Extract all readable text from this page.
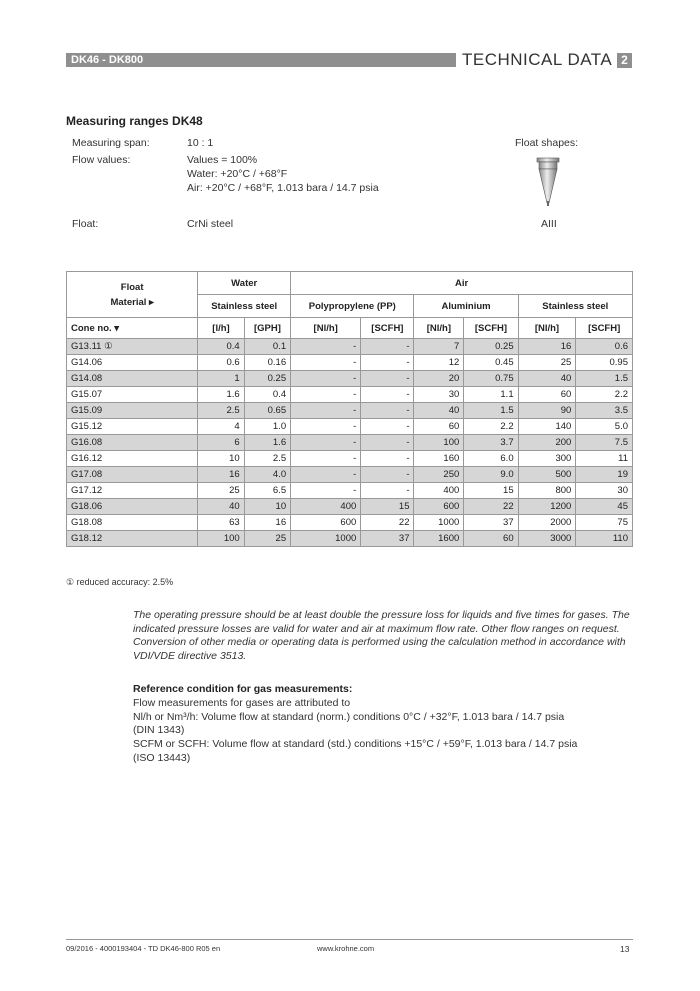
DK46 - DK800	TECHNICAL DATA 2
Measuring ranges DK48
Measuring span:	10 : 1
Flow values:	Values = 100%
Water: +20°C / +68°F
Air: +20°C / +68°F, 1.013 bara / 14.7 psia
Float:	CrNi steel
Float shapes:
AIII
Float
Material ▸	Water		Air					
	Stainless steel		Polypropylene (PP)		Aluminium		Stainless steel	
Cone no. ▾	[l/h]	[GPH]	[Nl/h]	[SCFH]	[Nl/h]	[SCFH]	[Nl/h]	[SCFH]
G13.11 ①	0.4	0.1	-	-	7	0.25	16	0.6
G14.06	0.6	0.16	-	-	12	0.45	25	0.95
G14.08	1	0.25	-	-	20	0.75	40	1.5
G15.07	1.6	0.4	-	-	30	1.1	60	2.2
G15.09	2.5	0.65	-	-	40	1.5	90	3.5
G15.12	4	1.0	-	-	60	2.2	140	5.0
G16.08	6	1.6	-	-	100	3.7	200	7.5
G16.12	10	2.5	-	-	160	6.0	300	11
G17.08	16	4.0	-	-	250	9.0	500	19
G17.12	25	6.5	-	-	400	15	800	30
G18.06	40	10	400	15	600	22	1200	45
G18.08	63	16	600	22	1000	37	2000	75
G18.12	100	25	1000	37	1600	60	3000	110
① reduced accuracy: 2.5%
The operating pressure should be at least double the pressure loss for liquids and five times for gases. The indicated pressure losses are valid for water and air at maximum flow rate. Other flow ranges on request. Conversion of other media or operating data is performed using the calculation method in accordance with VDI/VDE directive 3513.
Reference condition for gas measurements:
Flow measurements for gases are attributed to
Nl/h or Nm³/h: Volume flow at standard (norm.) conditions 0°C / +32°F, 1.013 bara / 14.7 psia
(DIN 1343)
SCFM or SCFH: Volume flow at standard (std.) conditions +15°C / +59°F, 1.013 bara / 14.7 psia
(ISO 13443)
09/2016 - 4000193404 - TD DK46-800 R05 en	www.krohne.com	13
